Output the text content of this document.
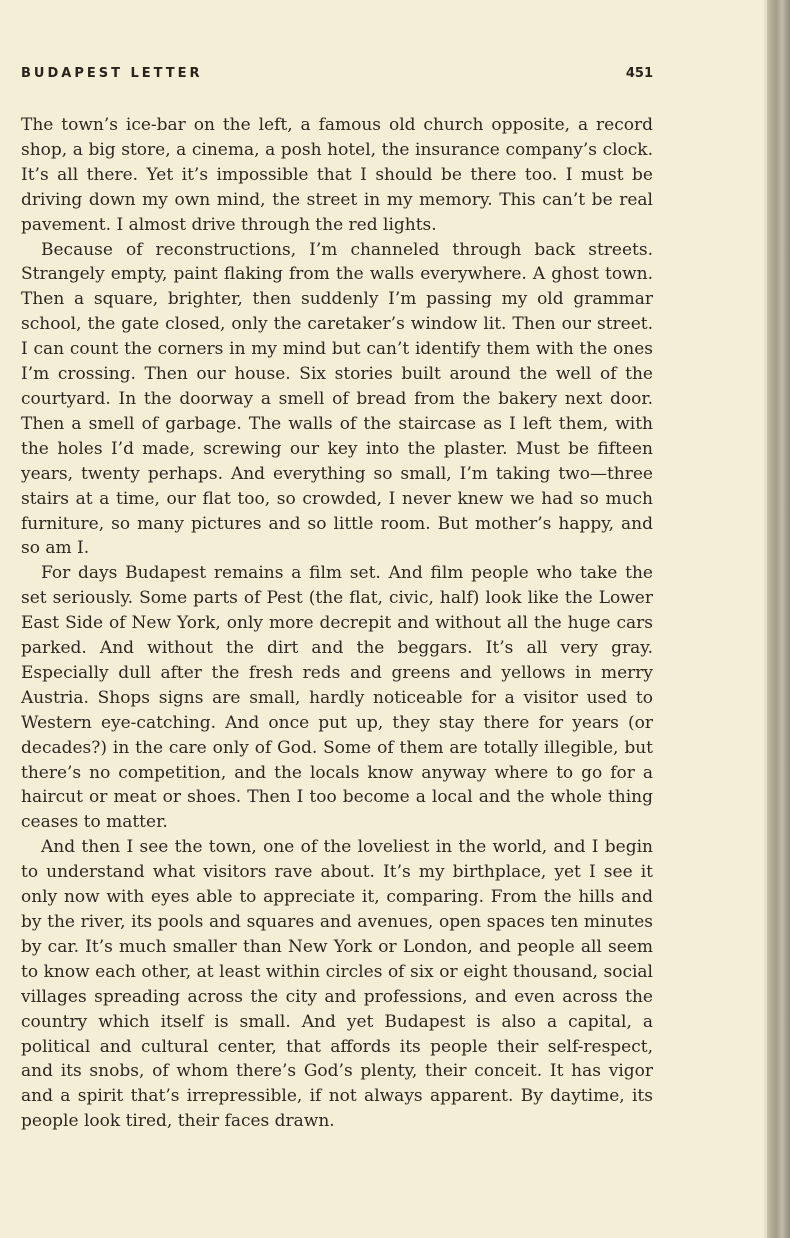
BUDAPEST LETTER	451

The town’s ice-bar on the left, a famous old church opposite, a record shop, a big store, a cinema, a posh hotel, the insurance company’s clock. It’s all there. Yet it’s impossible that I should be there too. I must be driving down my own mind, the street in my memory. This can’t be real pavement. I almost drive through the red lights.

Because of reconstructions, I’m channeled through back streets. Strangely empty, paint flaking from the walls everywhere. A ghost town. Then a square, brighter, then suddenly I’m passing my old grammar school, the gate closed, only the caretaker’s window lit. Then our street. I can count the corners in my mind but can’t identify them with the ones I’m crossing. Then our house. Six stories built around the well of the courtyard. In the doorway a smell of bread from the bakery next door. Then a smell of garbage. The walls of the staircase as I left them, with the holes I’d made, screwing our key into the plaster. Must be fifteen years, twenty perhaps. And everything so small, I’m taking two—three stairs at a time, our flat too, so crowded, I never knew we had so much furniture, so many pictures and so little room. But mother’s happy, and so am I.

For days Budapest remains a film set. And film people who take the set seriously. Some parts of Pest (the flat, civic, half) look like the Lower East Side of New York, only more decrepit and without all the huge cars parked. And without the dirt and the beggars. It’s all very gray. Especially dull after the fresh reds and greens and yellows in merry Austria. Shops signs are small, hardly noticeable for a visitor used to Western eye-catching. And once put up, they stay there for years (or decades?) in the care only of God. Some of them are totally illegible, but there’s no competition, and the locals know anyway where to go for a haircut or meat or shoes. Then I too become a local and the whole thing ceases to matter.

And then I see the town, one of the loveliest in the world, and I begin to understand what visitors rave about. It’s my birthplace, yet I see it only now with eyes able to appreciate it, comparing. From the hills and by the river, its pools and squares and avenues, open spaces ten minutes by car. It’s much smaller than New York or London, and people all seem to know each other, at least within circles of six or eight thousand, social villages spreading across the city and professions, and even across the country which itself is small. And yet Budapest is also a capital, a political and cultural center, that affords its people their self-respect, and its snobs, of whom there’s God’s plenty, their conceit. It has vigor and a spirit that’s irrepressible, if not always apparent. By daytime, its people look tired, their faces drawn.
